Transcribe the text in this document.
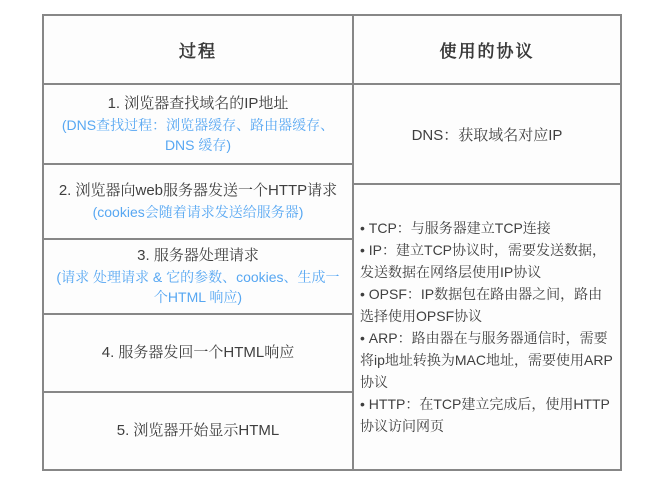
过程
1. 浏览器查找域名的IP地址
(DNS查找过程：浏览器缓存、路由器缓存、DNS 缓存)
2. 浏览器向web服务器发送一个HTTP请求
(cookies会随着请求发送给服务器)
3. 服务器处理请求
(请求 处理请求 & 它的参数、cookies、生成一个HTML 响应)
4. 服务器发回一个HTML响应
5. 浏览器开始显示HTML
使用的协议
DNS：获取域名对应IP
• TCP：与服务器建立TCP连接
• IP：建立TCP协议时，需要发送数据，发送数据在网络层使用IP协议
• OPSF：IP数据包在路由器之间，路由选择使用OPSF协议
• ARP：路由器在与服务器通信时，需要将ip地址转换为MAC地址，需要使用ARP协议
• HTTP：在TCP建立完成后，使用HTTP协议访问网页
